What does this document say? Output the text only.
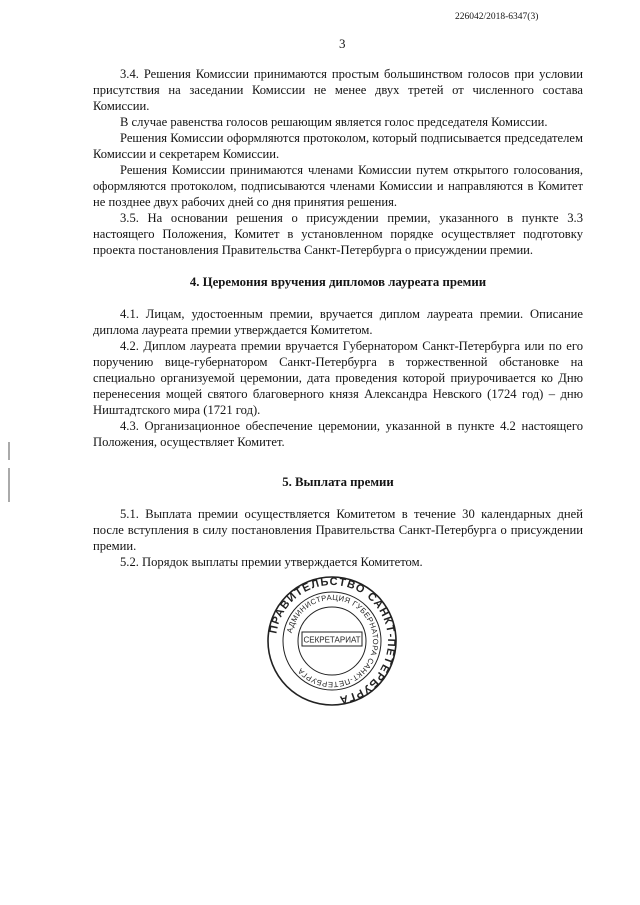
226042/2018-6347(3)
3

3.4. Решения Комиссии принимаются простым большинством голосов при условии присутствия на заседании Комиссии не менее двух третей от численного состава Комиссии.

В случае равенства голосов решающим является голос председателя Комиссии.

Решения Комиссии оформляются протоколом, который подписывается председателем Комиссии и секретарем Комиссии.

Решения Комиссии принимаются членами Комиссии путем открытого голосования, оформляются протоколом, подписываются членами Комиссии и направляются в Комитет не позднее двух рабочих дней со дня принятия решения.

3.5. На основании решения о присуждении премии, указанного в пункте 3.3 настоящего Положения, Комитет в установленном порядке осуществляет подготовку проекта постановления Правительства Санкт-Петербурга о присуждении премии.

4. Церемония вручения дипломов лауреата премии

4.1. Лицам, удостоенным премии, вручается диплом лауреата премии. Описание диплома лауреата премии утверждается Комитетом.

4.2. Диплом лауреата премии вручается Губернатором Санкт-Петербурга или по его поручению вице-губернатором Санкт-Петербурга в торжественной обстановке на специально организуемой церемонии, дата проведения которой приурочивается ко Дню перенесения мощей святого благоверного князя Александра Невского (1724 год) – дню Ништадтского мира (1721 год).

4.3. Организационное обеспечение церемонии, указанной в пункте 4.2 настоящего Положения, осуществляет Комитет.

5. Выплата премии

5.1. Выплата премии осуществляется Комитетом в течение 30 календарных дней после вступления в силу постановления Правительства Санкт-Петербурга о присуждении премии.

5.2. Порядок выплаты премии утверждается Комитетом.

ПРАВИТЕЛЬСТВО САНКТ-ПЕТЕРБУРГА
АДМИНИСТРАЦИЯ ГУБЕРНАТОРА САНКТ-ПЕТЕРБУРГА
СЕКРЕТАРИАТ
